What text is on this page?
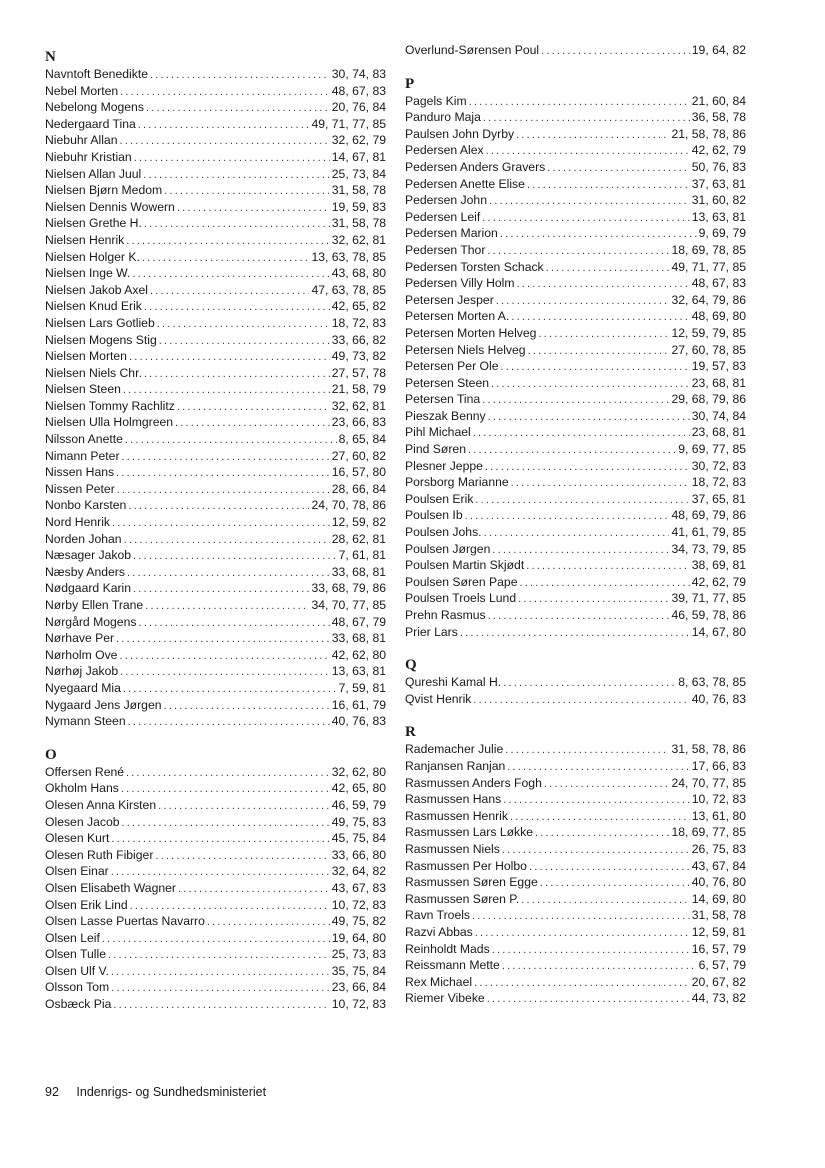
N
Navntoft Benedikte .....	30, 74, 83
Nebel Morten .....	48, 67, 83
Nebelong Mogens .....	20, 76, 84
Nedergaard Tina .....	49, 71, 77, 85
Niebuhr Allan .....	32, 62, 79
Niebuhr Kristian .....	14, 67, 81
Nielsen Allan Juul .....	25, 73, 84
Nielsen Bjørn Medom .....	31, 58, 78
Nielsen Dennis Wowern .....	19, 59, 83
Nielsen Grethe H. .....	31, 58, 78
Nielsen Henrik .....	32, 62, 81
Nielsen Holger K. .....	13, 63, 78, 85
Nielsen Inge W. .....	43, 68, 80
Nielsen Jakob Axel .....	47, 63, 78, 85
Nielsen Knud Erik .....	42, 65, 82
Nielsen Lars Gotlieb .....	18, 72, 83
Nielsen Mogens Stig .....	33, 66, 82
Nielsen Morten .....	49, 73, 82
Nielsen Niels Chr. .....	27, 57, 78
Nielsen Steen .....	21, 58, 79
Nielsen Tommy Rachlitz .....	32, 62, 81
Nielsen Ulla Holmgreen .....	23, 66, 83
Nilsson Anette .....	8, 65, 84
Nimann Peter .....	27, 60, 82
Nissen Hans .....	16, 57, 80
Nissen Peter .....	28, 66, 84
Nonbo Karsten .....	24, 70, 78, 86
Nord Henrik .....	12, 59, 82
Norden Johan .....	28, 62, 81
Næsager Jakob .....	7, 61, 81
Næsby Anders .....	33, 68, 81
Nødgaard Karin .....	33, 68, 79, 86
Nørby Ellen Trane .....	34, 70, 77, 85
Nørgård Mogens .....	48, 67, 79
Nørhave Per .....	33, 68, 81
Nørholm Ove .....	42, 62, 80
Nørhøj Jakob .....	13, 63, 81
Nyegaard Mia .....	7, 59, 81
Nygaard Jens Jørgen .....	16, 61, 79
Nymann Steen .....	40, 76, 83
O
Offersen René .....	32, 62, 80
Okholm Hans .....	42, 65, 80
Olesen Anna Kirsten .....	46, 59, 79
Olesen Jacob .....	49, 75, 83
Olesen Kurt .....	45, 75, 84
Olesen Ruth Fibiger .....	33, 66, 80
Olsen Einar .....	32, 64, 82
Olsen Elisabeth Wagner .....	43, 67, 83
Olsen Erik Lind .....	10, 72, 83
Olsen Lasse Puertas Navarro .....	49, 75, 82
Olsen Leif .....	19, 64, 80
Olsen Tulle .....	25, 73, 83
Olsen Ulf V. .....	35, 75, 84
Olsson Tom .....	23, 66, 84
Osbæck Pia .....	10, 72, 83
Overlund-Sørensen Poul .....	19, 64, 82
P
Pagels Kim .....	21, 60, 84
Panduro Maja .....	36, 58, 78
Paulsen John Dyrby .....	21, 58, 78, 86
Pedersen Alex .....	42, 62, 79
Pedersen Anders Gravers .....	50, 76, 83
Pedersen Anette Elise .....	37, 63, 81
Pedersen John .....	31, 60, 82
Pedersen Leif .....	13, 63, 81
Pedersen Marion .....	9, 69, 79
Pedersen Thor .....	18, 69, 78, 85
Pedersen Torsten Schack .....	49, 71, 77, 85
Pedersen Villy Holm .....	48, 67, 83
Petersen Jesper .....	32, 64, 79, 86
Petersen Morten A. .....	48, 69, 80
Petersen Morten Helveg .....	12, 59, 79, 85
Petersen Niels Helveg .....	27, 60, 78, 85
Petersen Per Ole .....	19, 57, 83
Petersen Steen .....	23, 68, 81
Petersen Tina .....	29, 68, 79, 86
Pieszak Benny .....	30, 74, 84
Pihl Michael .....	23, 68, 81
Pind Søren .....	9, 69, 77, 85
Plesner Jeppe .....	30, 72, 83
Porsborg Marianne .....	18, 72, 83
Poulsen Erik .....	37, 65, 81
Poulsen Ib .....	48, 69, 79, 86
Poulsen Johs. .....	41, 61, 79, 85
Poulsen Jørgen .....	34, 73, 79, 85
Poulsen Martin Skjødt .....	38, 69, 81
Poulsen Søren Pape .....	42, 62, 79
Poulsen Troels Lund .....	39, 71, 77, 85
Prehn Rasmus .....	46, 59, 78, 86
Prier Lars .....	14, 67, 80
Q
Qureshi Kamal H. .....	8, 63, 78, 85
Qvist Henrik .....	40, 76, 83
R
Rademacher Julie .....	31, 58, 78, 86
Ranjansen Ranjan .....	17, 66, 83
Rasmussen Anders Fogh .....	24, 70, 77, 85
Rasmussen Hans .....	10, 72, 83
Rasmussen Henrik .....	13, 61, 80
Rasmussen Lars Løkke .....	18, 69, 77, 85
Rasmussen Niels .....	26, 75, 83
Rasmussen Per Holbo .....	43, 67, 84
Rasmussen Søren Egge .....	40, 76, 80
Rasmussen Søren P. .....	14, 69, 80
Ravn Troels .....	31, 58, 78
Razvi Abbas .....	12, 59, 81
Reinholdt Mads .....	16, 57, 79
Reissmann Mette .....	6, 57, 79
Rex Michael .....	20, 67, 82
Riemer Vibeke .....	44, 73, 82
92 Indenrigs- og Sundhedsministeriet
